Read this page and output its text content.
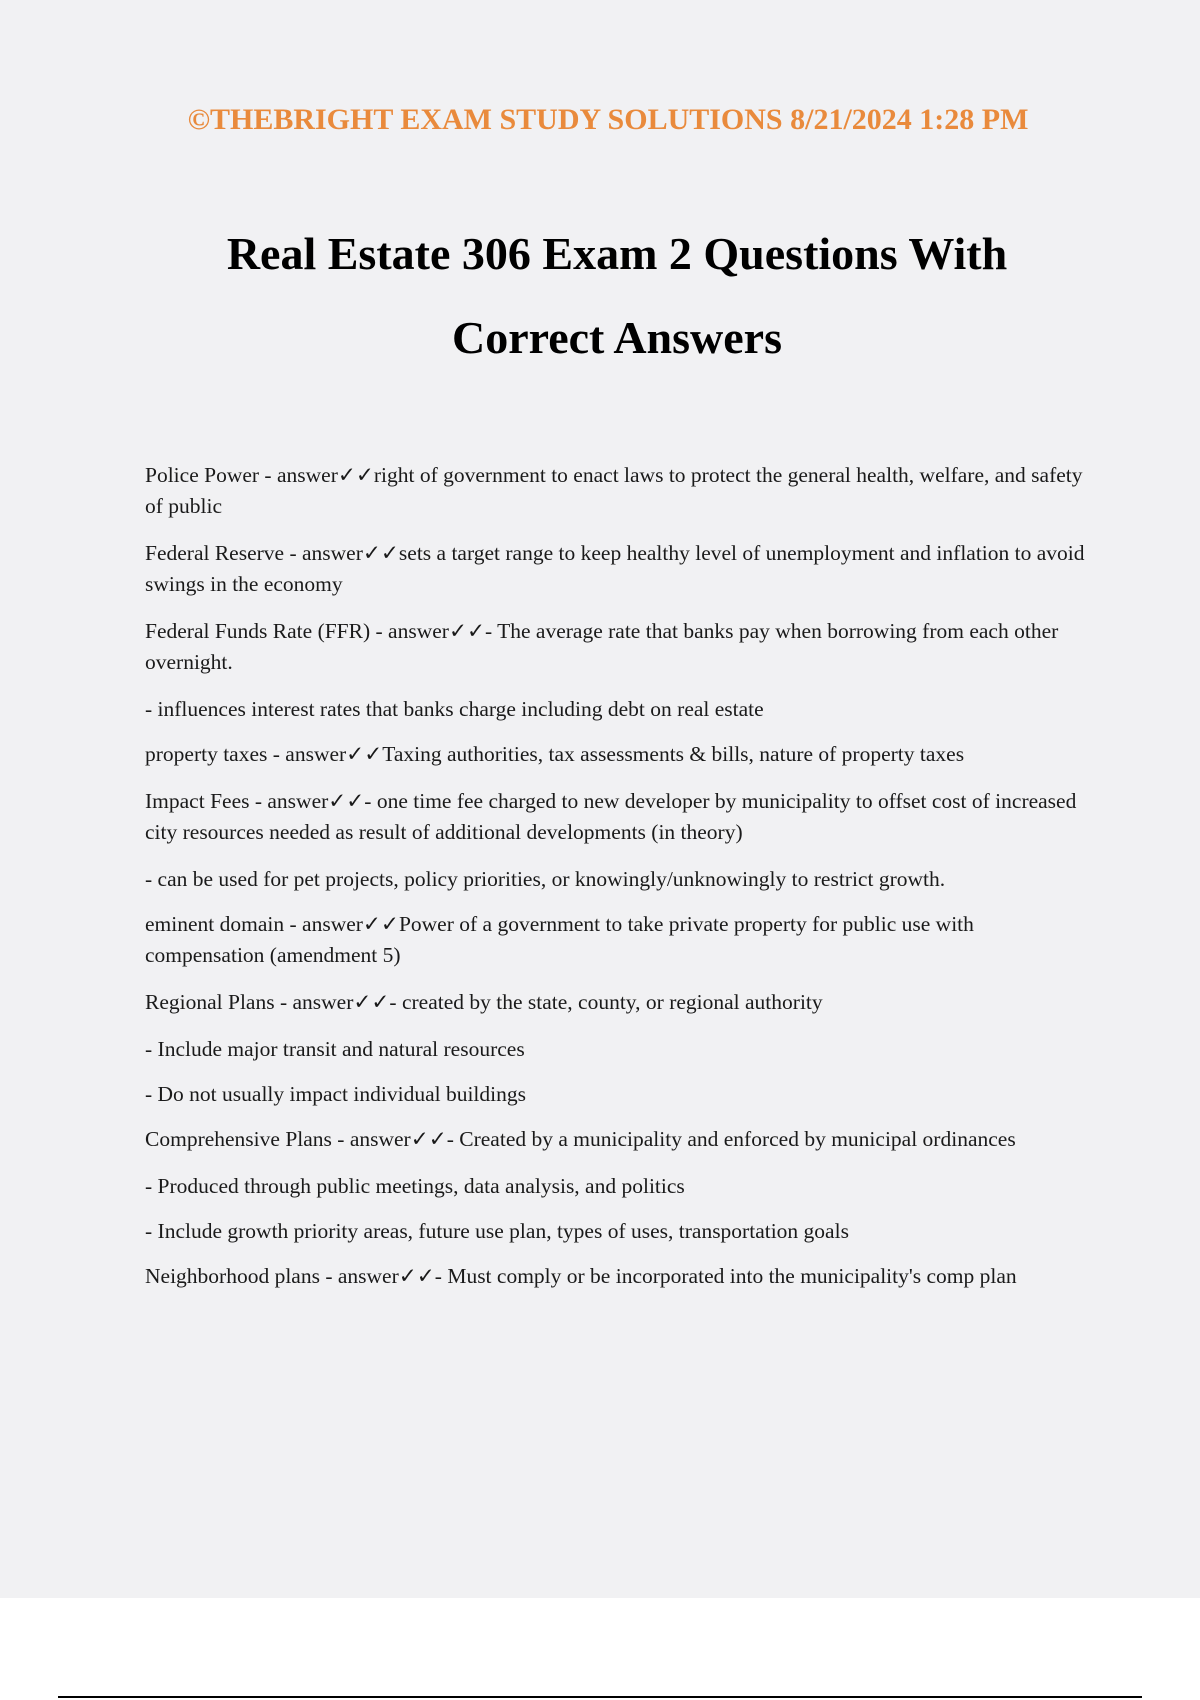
©THEBRIGHT EXAM STUDY SOLUTIONS 8/21/2024 1:28 PM
Real Estate 306 Exam 2 Questions With
Correct Answers

Police Power - answer✓✓right of government to enact laws to protect the general health, welfare, and safety of public

Federal Reserve - answer✓✓sets a target range to keep healthy level of unemployment and inflation to avoid swings in the economy

Federal Funds Rate (FFR) - answer✓✓- The average rate that banks pay when borrowing from each other overnight.

- influences interest rates that banks charge including debt on real estate

property taxes - answer✓✓Taxing authorities, tax assessments & bills, nature of property taxes

Impact Fees - answer✓✓- one time fee charged to new developer by municipality to offset cost of increased city resources needed as result of additional developments (in theory)

- can be used for pet projects, policy priorities, or knowingly/unknowingly to restrict growth.

eminent domain - answer✓✓Power of a government to take private property for public use with compensation (amendment 5)

Regional Plans - answer✓✓- created by the state, county, or regional authority

- Include major transit and natural resources

- Do not usually impact individual buildings

Comprehensive Plans - answer✓✓- Created by a municipality and enforced by municipal ordinances

- Produced through public meetings, data analysis, and politics

- Include growth priority areas, future use plan, types of uses, transportation goals

Neighborhood plans - answer✓✓- Must comply or be incorporated into the municipality's comp plan
